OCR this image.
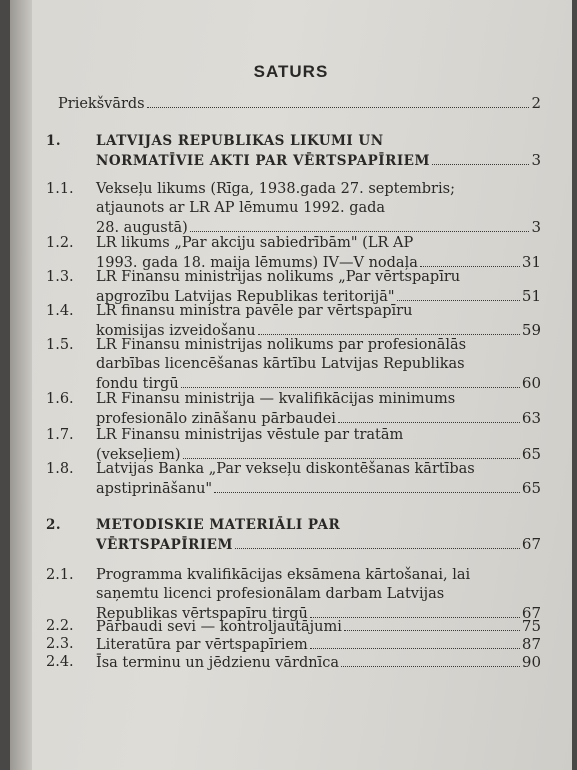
SATURS
Priekšvārds	2
1.	LATVIJAS REPUBLIKAS LIKUMI UN
NORMATĪVIE AKTI PAR VĒRTSPAPĪRIEM	3
1.1.	Vekseļu likums (Rīga, 1938.gada 27. septembris;
atjaunots ar LR AP lēmumu 1992. gada
28. augustā)	3
1.2.	LR likums „Par akciju sabiedrībām" (LR AP
1993. gada 18. maija lēmums) IV—V nodaļa	31
1.3.	LR Finansu ministrijas nolikums „Par vērtspapīru
apgrozību Latvijas Republikas teritorijā"	51
1.4.	LR finansu ministra pavēle par vērtspapīru
komisijas izveidošanu	59
1.5.	LR Finansu ministrijas nolikums par profesionālās
darbības licencēšanas kārtību Latvijas Republikas
fondu tirgū	60
1.6.	LR Finansu ministrija — kvalifikācijas minimums
profesionālo zināšanu pārbaudei	63
1.7.	LR Finansu ministrijas vēstule par tratām
(vekseļiem)	65
1.8.	Latvijas Banka „Par vekseļu diskontēšanas kārtības
apstiprināšanu"	65
2.	METODISKIE MATERIĀLI PAR
VĒRTSPAPĪRIEM	67
2.1.	Programma kvalifikācijas eksāmena kārtošanai, lai
saņemtu licenci profesionālam darbam Latvijas
Republikas vērtspapīru tirgū	67
2.2.	Pārbaudi sevi — kontroljautājumi	75
2.3.	Literatūra par vērtspapīriem	87
2.4.	Īsa terminu un jēdzienu vārdnīca	90
